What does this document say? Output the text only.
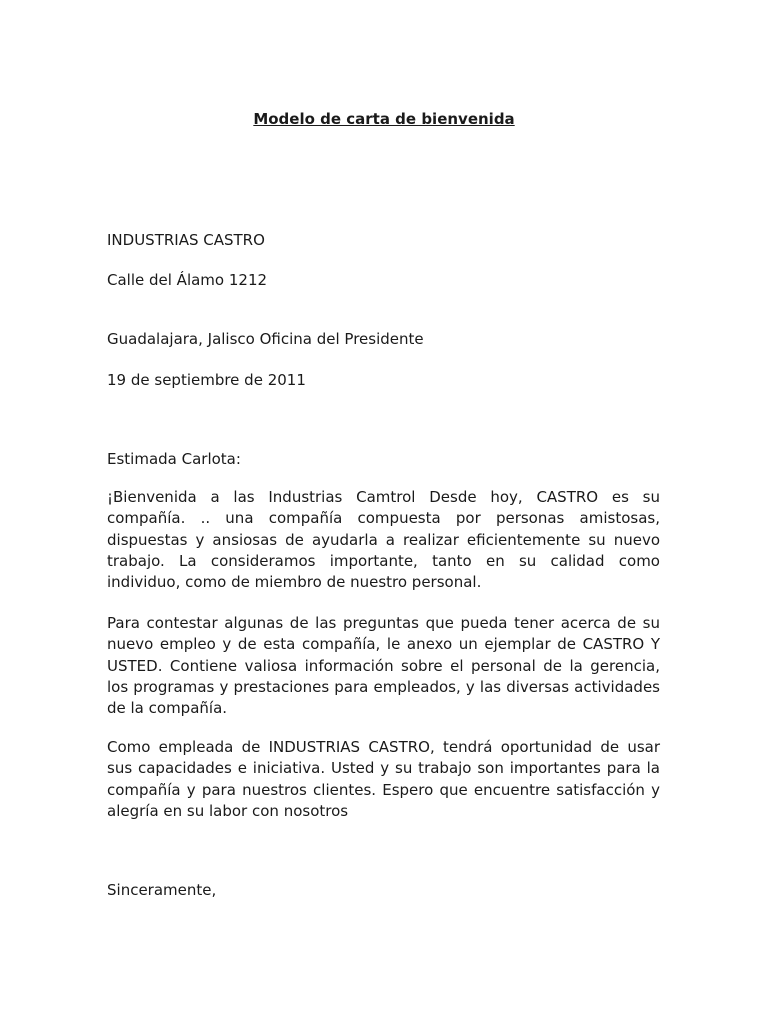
Modelo de carta de bienvenida
INDUSTRIAS CASTRO
Calle del Álamo 1212
Guadalajara, Jalisco Oficina del Presidente
19 de septiembre de 2011
Estimada Carlota:
¡Bienvenida a las Industrias Camtrol Desde hoy, CASTRO es su compañía. .. una compañía compuesta por personas amistosas, dispuestas y ansiosas de ayudarla a realizar eficientemente su nuevo trabajo. La consideramos importante, tanto en su calidad como individuo, como de miembro de nuestro personal.
Para contestar algunas de las preguntas que pueda tener acerca de su nuevo empleo y de esta compañía, le anexo un ejemplar de CASTRO Y USTED. Contiene valiosa información sobre el personal de la gerencia, los programas y prestaciones para empleados, y las diversas actividades de la compañía.
Como empleada de INDUSTRIAS CASTRO, tendrá oportunidad de usar sus capacidades e iniciativa. Usted y su trabajo son importantes para la compañía y para nuestros clientes. Espero que encuentre satisfacción y alegría en su labor con nosotros
Sinceramente,
